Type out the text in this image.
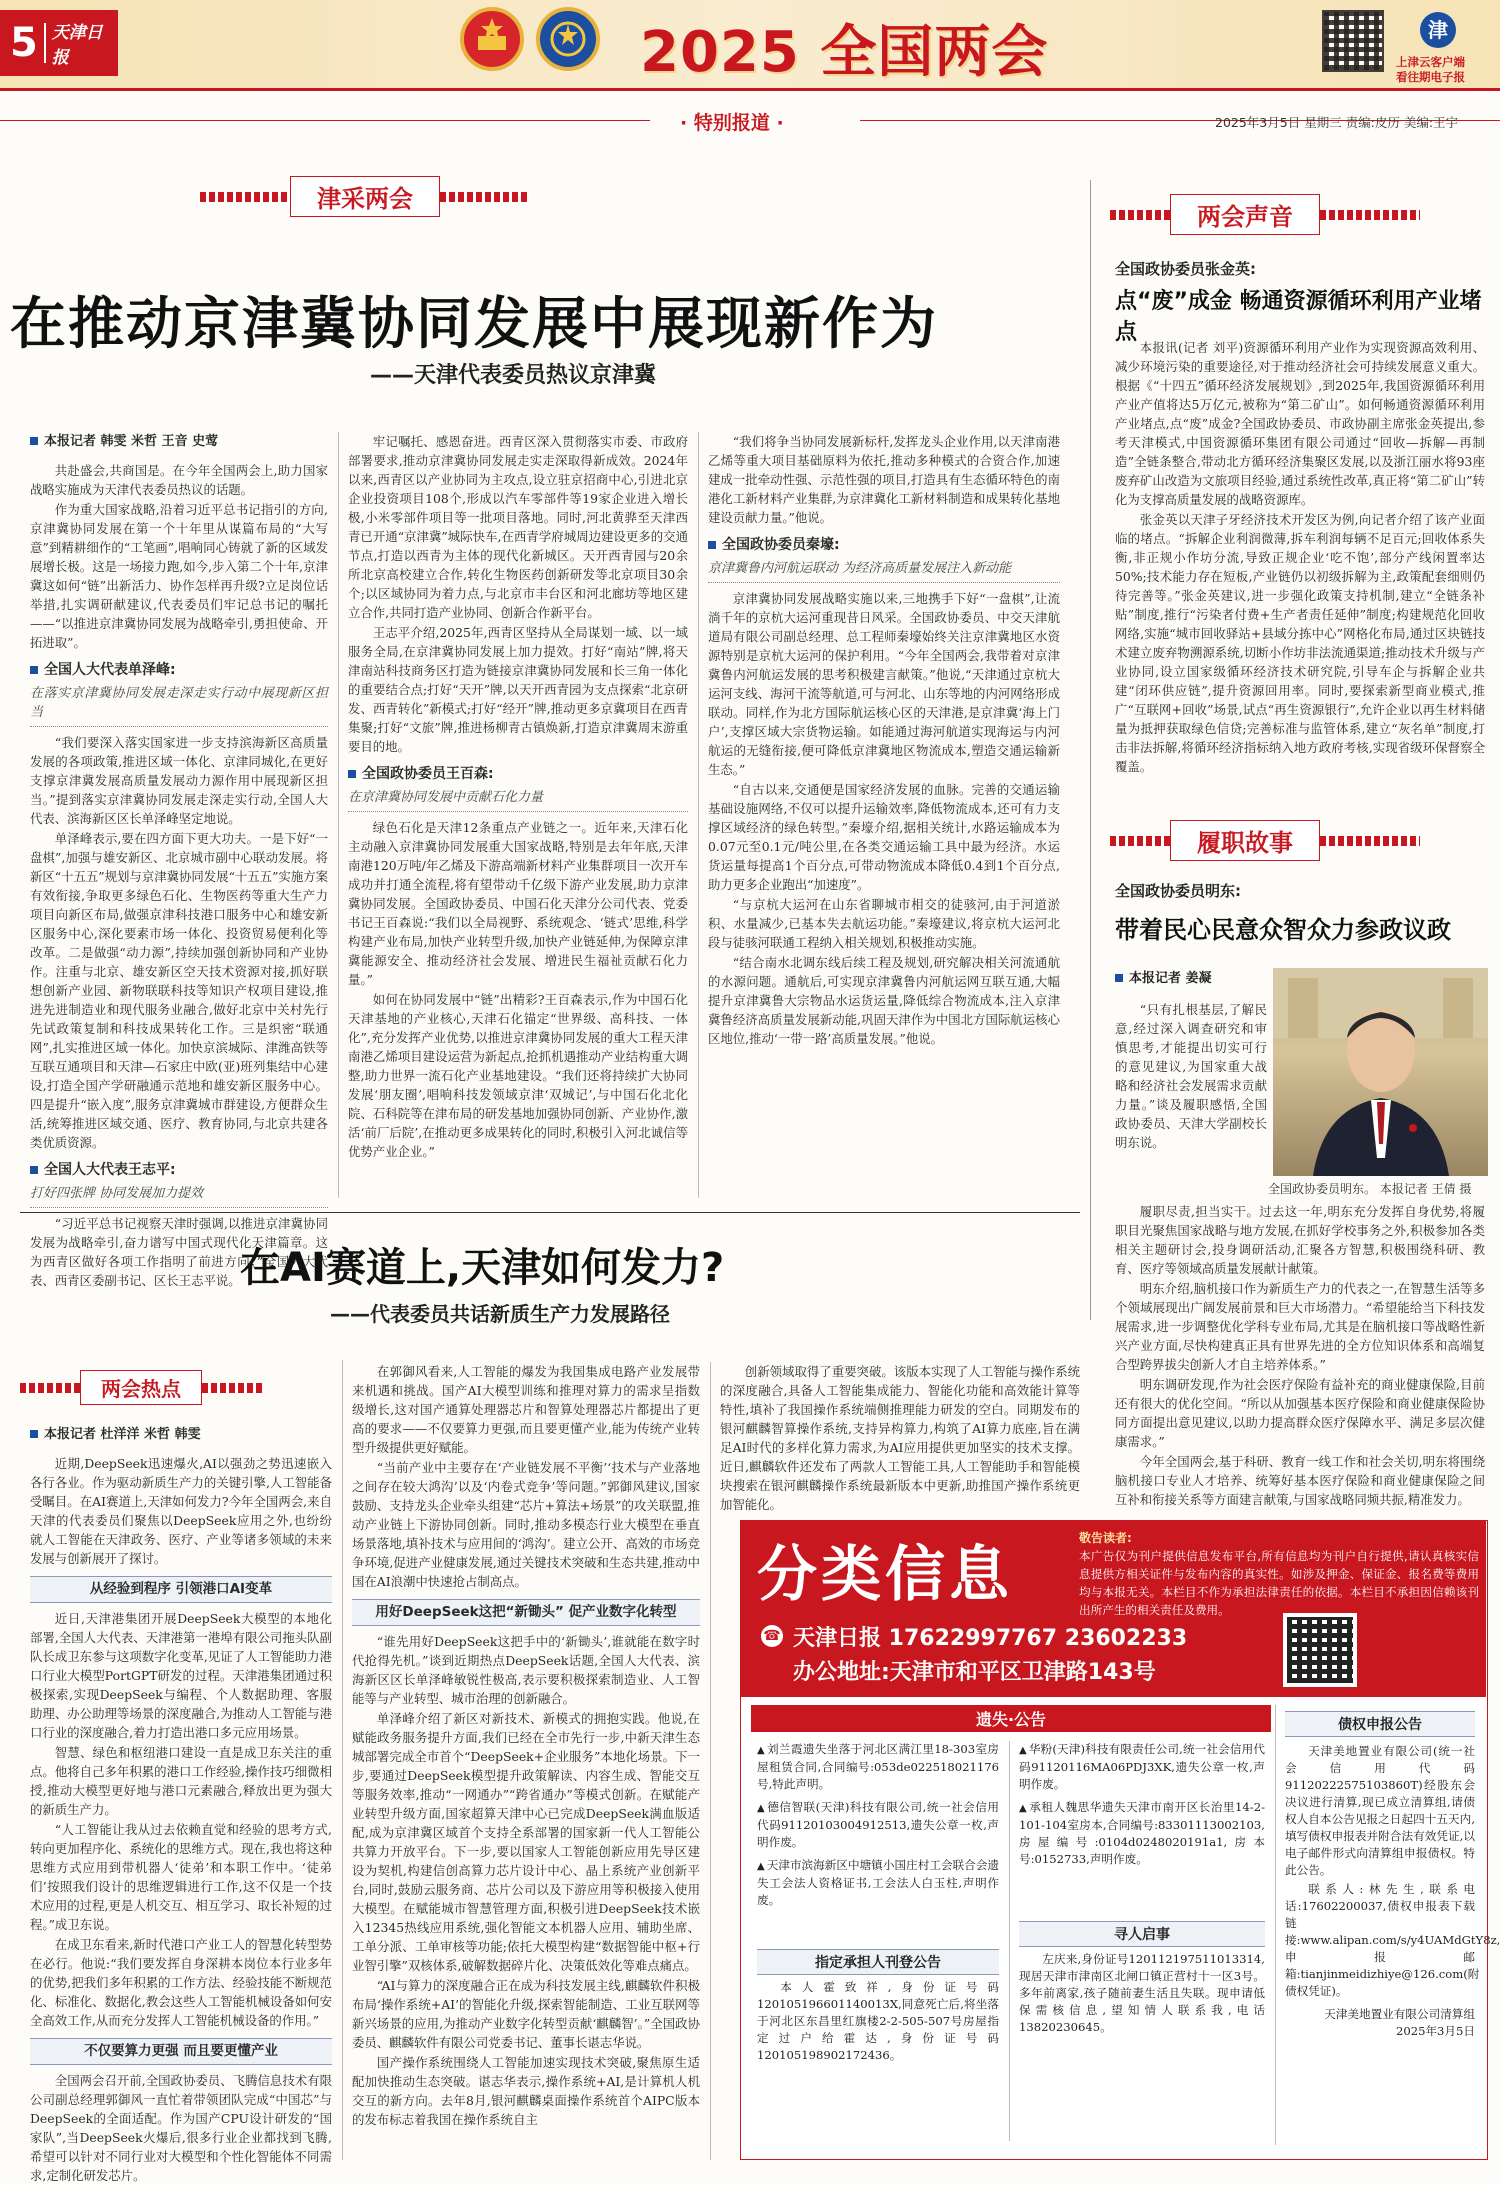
5 天津日报	2025 全国两会	津
上津云客户端
看往期电子报
· 特别报道 ·	2025年3月5日 星期三 责编:皮历 美编:王宇
津采两会
在推动京津冀协同发展中展现新作为
——天津代表委员热议京津冀
本报记者 韩雯 米哲 王音 史莺

共赴盛会,共商国是。在今年全国两会上,助力国家战略实施成为天津代表委员热议的话题。

作为重大国家战略,沿着习近平总书记指引的方向,京津冀协同发展在第一个十年里从谋篇布局的“大写意”到精耕细作的“工笔画”,唱响同心铸就了新的区域发展增长极。这是一场接力跑,如今,步入第二个十年,京津冀这如何“链”出新活力、协作怎样再升级?立足岗位话举措,扎实调研献建议,代表委员们牢记总书记的嘱托——“以推进京津冀协同发展为战略牵引,勇担使命、开拓进取”。

全国人大代表单泽峰:
在落实京津冀协同发展走深走实行动中展现新区担当

“我们要深入落实国家进一步支持滨海新区高质量发展的各项政策,推进区域一体化、京津同城化,在更好支撑京津冀发展高质量发展动力源作用中展现新区担当。”提到落实京津冀协同发展走深走实行动,全国人大代表、滨海新区区长单泽峰坚定地说。

单泽峰表示,要在四方面下更大功夫。一是下好“一盘棋”,加强与雄安新区、北京城市副中心联动发展。将新区“十五五”规划与京津冀协同发展“十五五”实施方案有效衔接,争取更多绿色石化、生物医药等重大生产力项目向新区布局,做强京津科技港口服务中心和雄安新区服务中心,深化要素市场一体化、投资贸易便利化等改革。二是做强“动力源”,持续加强创新协同和产业协作。注重与北京、雄安新区空天技术资源对接,抓好联想创新产业园、新物联联科技等知识产权项目建设,推进先进制造业和现代服务业融合,做好北京中关村先行先试政策复制和科技成果转化工作。三是织密“联通网”,扎实推进区域一体化。加快京滨城际、津潍高铁等互联互通项目和天津—石家庄中欧(亚)班列集结中心建设,打造全国产学研融通示范地和雄安新区服务中心。四是提升“嵌入度”,服务京津冀城市群建设,方便群众生活,统筹推进区域交通、医疗、教育协同,与北京共建各类优质资源。

全国人大代表王志平:
打好四张牌 协同发展加力提效

“习近平总书记视察天津时强调,以推进京津冀协同发展为战略牵引,奋力谱写中国式现代化天津篇章。这为西青区做好各项工作指明了前进方向。”全国人大代表、西青区委副书记、区长王志平说。

牢记嘱托、感恩奋进。西青区深入贯彻落实市委、市政府部署要求,推动京津冀协同发展走实走深取得新成效。2024年以来,西青区以产业协同为主攻点,设立驻京招商中心,引进北京企业投资项目108个,形成以汽车零部件等19家企业进入增长极,小米零部件项目等一批项目落地。同时,河北黄骅至天津西青已开通“京津冀”城际快车,在西青学府城周边建设更多的交通节点,打造以西青为主体的现代化新城区。天开西青园与20余所北京高校建立合作,转化生物医药创新研发等北京项目30余个;以区域协同为着力点,与北京市丰台区和河北廊坊等地区建立合作,共同打造产业协同、创新合作新平台。

王志平介绍,2025年,西青区坚持从全局谋划一域、以一域服务全局,在京津冀协同发展上加力提效。打好“南站”牌,将天津南站科技商务区打造为链接京津冀协同发展和长三角一体化的重要结合点;打好“天开”牌,以天开西青园为支点探索“北京研发、西青转化”新模式;打好“经开”牌,推动更多京冀项目在西青集聚;打好“文旅”牌,推进杨柳青古镇焕新,打造京津冀周末游重要目的地。

全国政协委员王百森:
在京津冀协同发展中贡献石化力量

绿色石化是天津12条重点产业链之一。近年来,天津石化主动融入京津冀协同发展重大国家战略,特别是去年年底,天津南港120万吨/年乙烯及下游高端新材料产业集群项目一次开车成功并打通全流程,将有望带动千亿级下游产业发展,助力京津冀协同发展。全国政协委员、中国石化天津分公司代表、党委书记王百森说:“我们以全局视野、系统观念、‘链式’思维,科学构建产业布局,加快产业转型升级,加快产业链延伸,为保障京津冀能源安全、推动经济社会发展、增进民生福祉贡献石化力量。”

如何在协同发展中“链”出精彩?王百森表示,作为中国石化天津基地的产业核心,天津石化锚定“世界级、高科技、一体化”,充分发挥产业优势,以推进京津冀协同发展的重大工程天津南港乙烯项目建设运营为新起点,抢抓机遇推动产业结构重大调整,助力世界一流石化产业基地建设。“我们还将持续扩大协同发展‘朋友圈’,唱响科技发领域京津‘双城记’,与中国石化北化院、石科院等在津布局的研发基地加强协同创新、产业协作,激活‘前厂后院’,在推动更多成果转化的同时,积极引入河北诚信等优势产业企业。”

“我们将争当协同发展新标杆,发挥龙头企业作用,以天津南港乙烯等重大项目基础原料为依托,推动多种模式的合资合作,加速建成一批牵动性强、示范性强的项目,打造具有生态循环特色的南港化工新材料产业集群,为京津冀化工新材料制造和成果转化基地建设贡献力量。”他说。

全国政协委员秦壕:
京津冀鲁内河航运联动 为经济高质量发展注入新动能

京津冀协同发展战略实施以来,三地携手下好“一盘棋”,让流淌千年的京杭大运河重现昔日风采。全国政协委员、中交天津航道局有限公司副总经理、总工程师秦壕始终关注京津冀地区水资源特别是京杭大运河的保护利用。“今年全国两会,我带着对京津冀鲁内河航运发展的思考积极建言献策。”他说,“天津通过京杭大运河支线、海河干流等航道,可与河北、山东等地的内河网络形成联动。同样,作为北方国际航运核心区的天津港,是京津冀‘海上门户’,支撑区域大宗货物运输。如能通过海河航道实现海运与内河航运的无缝衔接,便可降低京津冀地区物流成本,塑造交通运输新生态。”

“自古以来,交通便是国家经济发展的血脉。完善的交通运输基础设施网络,不仅可以提升运输效率,降低物流成本,还可有力支撑区域经济的绿色转型。”秦壕介绍,据相关统计,水路运输成本为0.07元至0.1元/吨公里,在各类交通运输工具中最为经济。水运货运量每提高1个百分点,可带动物流成本降低0.4到1个百分点,助力更多企业跑出“加速度”。

“与京杭大运河在山东省聊城市相交的徒骇河,由于河道淤积、水量减少,已基本失去航运功能。”秦壕建议,将京杭大运河北段与徒骇河联通工程纳入相关规划,积极推动实施。

“结合南水北调东线后续工程及规划,研究解决相关河流通航的水源问题。通航后,可实现京津冀鲁内河航运网互联互通,大幅提升京津冀鲁大宗物品水运货运量,降低综合物流成本,注入京津冀鲁经济高质量发展新动能,巩固天津作为中国北方国际航运核心区地位,推动‘一带一路’高质量发展。”他说。

两会声音
全国政协委员张金英:
点“废”成金 畅通资源循环利用产业堵点

本报讯(记者 刘平)资源循环利用产业作为实现资源高效利用、减少环境污染的重要途径,对于推动经济社会可持续发展意义重大。根据《“十四五”循环经济发展规划》,到2025年,我国资源循环利用产业产值将达5万亿元,被称为“第二矿山”。如何畅通资源循环利用产业堵点,点“废”成金?全国政协委员、市政协副主席张金英提出,参考天津模式,中国资源循环集团有限公司通过“回收—拆解—再制造”全链条整合,带动北方循环经济集聚区发展,以及浙江丽水将93座废弃矿山改造为文旅项目经验,通过系统性改革,真正将“第二矿山”转化为支撑高质量发展的战略资源库。

张金英以天津子牙经济技术开发区为例,向记者介绍了该产业面临的堵点。“拆解企业利润微薄,拆车利润每辆不足百元;回收体系失衡,非正规小作坊分流,导致正规企业‘吃不饱’,部分产线闲置率达50%;技术能力存在短板,产业链仍以初级拆解为主,政策配套细则仍待完善等。”张金英建议,进一步强化政策支持机制,建立“全链条补贴”制度,推行“污染者付费+生产者责任延伸”制度;构建规范化回收网络,实施“城市回收驿站+县域分拣中心”网格化布局,通过区块链技术建立废弃物溯源系统,切断小作坊非法流通渠道;推动技术升级与产业协同,设立国家级循环经济技术研究院,引导车企与拆解企业共建“闭环供应链”,提升资源回用率。同时,要探索新型商业模式,推广“互联网+回收”场景,试点“再生资源银行”,允许企业以再生材料储量为抵押获取绿色信贷;完善标准与监管体系,建立“灰名单”制度,打击非法拆解,将循环经济指标纳入地方政府考核,实现省级环保督察全覆盖。

履职故事
全国政协委员明东:
带着民心民意众智众力参政议政
本报记者 姜凝
“只有扎根基层,了解民意,经过深入调查研究和审慎思考,才能提出切实可行的意见建议,为国家重大战略和经济社会发展需求贡献力量。”谈及履职感悟,全国政协委员、天津大学副校长明东说。
全国政协委员明东。 本报记者 王倩 摄

履职尽责,担当实干。过去这一年,明东充分发挥自身优势,将履职目光聚焦国家战略与地方发展,在抓好学校事务之外,积极参加各类相关主题研讨会,投身调研活动,汇聚各方智慧,积极围绕科研、教育、医疗等领域高质量发展献计献策。

明东介绍,脑机接口作为新质生产力的代表之一,在智慧生活等多个领域展现出广阔发展前景和巨大市场潜力。“希望能给当下科技发展需求,进一步调整优化学科专业布局,尤其是在脑机接口等战略性新兴产业方面,尽快构建真正具有世界先进的全方位知识体系和高端复合型跨界拔尖创新人才自主培养体系。”

明东调研发现,作为社会医疗保险有益补充的商业健康保险,目前还有很大的优化空间。“所以从加强基本医疗保险和商业健康保险协同方面提出意见建议,以助力提高群众医疗保障水平、满足多层次健康需求。”

今年全国两会,基于科研、教育一线工作和社会关切,明东将围绕脑机接口专业人才培养、统筹好基本医疗保险和商业健康保险之间互补和衔接关系等方面建言献策,与国家战略同频共振,精准发力。

在AI赛道上,天津如何发力?
——代表委员共话新质生产力发展路径
两会热点
本报记者 杜洋洋 米哲 韩雯

近期,DeepSeek迅速爆火,AI以强劲之势迅速嵌入各行各业。作为驱动新质生产力的关键引擎,人工智能备受瞩目。在AI赛道上,天津如何发力?今年全国两会,来自天津的代表委员们聚焦以DeepSeek应用之外,也纷纷就人工智能在天津政务、医疗、产业等诸多领域的未来发展与创新展开了探讨。

从经验到程序 引领港口AI变革

近日,天津港集团开展DeepSeek大模型的本地化部署,全国人大代表、天津港第一港埠有限公司拖头队副队长成卫东参与这项数字化变革,见证了人工智能助力港口行业大模型PortGPT研发的过程。天津港集团通过积极探索,实现DeepSeek与编程、个人数据助理、客服助理、办公助理等场景的深度融合,为推动人工智能与港口行业的深度融合,着力打造出港口多元应用场景。

智慧、绿色和枢纽港口建设一直是成卫东关注的重点。他将自己多年积累的港口工作经验,操作技巧细微相授,推动大模型更好地与港口元素融合,释放出更为强大的新质生产力。

“人工智能让我从过去依赖直觉和经验的思考方式,转向更加程序化、系统化的思维方式。现在,我也将这种思维方式应用到带机器人‘徒弟’和本职工作中。‘徒弟们’按照我们设计的思维逻辑进行工作,这不仅是一个技术应用的过程,更是人机交互、相互学习、取长补短的过程。”成卫东说。

在成卫东看来,新时代港口产业工人的智慧化转型势在必行。他说:“我们要发挥自身深耕本岗位本行业多年的优势,把我们多年积累的工作方法、经验技能不断规范化、标准化、数据化,教会这些人工智能机械设备如何安全高效工作,从而充分发挥人工智能机械设备的作用。”

不仅要算力更强 而且要更懂产业

全国两会召开前,全国政协委员、飞腾信息技术有限公司副总经理郭御风一直忙着带领团队完成“中国芯”与DeepSeek的全面适配。作为国产CPU设计研发的“国家队”,当DeepSeek火爆后,很多行业企业都找到飞腾,希望可以针对不同行业对大模型和个性化智能体不同需求,定制化研发芯片。

在郭御风看来,人工智能的爆发为我国集成电路产业发展带来机遇和挑战。国产AI大模型训练和推理对算力的需求呈指数级增长,这对国产通算处理器芯片和智算处理器芯片都提出了更高的要求——不仅要算力更强,而且要更懂产业,能为传统产业转型升级提供更好赋能。

“当前产业中主要存在‘产业链发展不平衡’‘技术与产业落地之间存在较大鸿沟’以及‘内卷式竞争’等问题。”郭御风建议,国家鼓励、支持龙头企业牵头组建“芯片+算法+场景”的攻关联盟,推动产业链上下游协同创新。同时,推动多模态行业大模型在垂直场景落地,填补技术与应用间的‘鸿沟’。建立公开、高效的市场竞争环境,促进产业健康发展,通过关键技术突破和生态共建,推动中国在AI浪潮中快速抢占制高点。

用好DeepSeek这把“新锄头” 促产业数字化转型

“谁先用好DeepSeek这把手中的‘新锄头’,谁就能在数字时代抢得先机。”谈到近期热点DeepSeek话题,全国人大代表、滨海新区区长单泽峰敏锐性极高,表示要积极探索制造业、人工智能等与产业转型、城市治理的创新融合。

单泽峰介绍了新区对新技术、新模式的拥抱实践。他说,在赋能政务服务提升方面,我们已经在全市先行一步,中新天津生态城部署完成全市首个“DeepSeek+企业服务”本地化场景。下一步,要通过DeepSeek模型提升政策解读、内容生成、智能交互等服务效率,推动“一网通办”“跨省通办”等模式创新。在赋能产业转型升级方面,国家超算天津中心已完成DeepSeek满血版适配,成为京津冀区域首个支持全系部署的国家新一代人工智能公共算力开放平台。下一步,要以国家人工智能创新应用先导区建设为契机,构建信创高算力芯片设计中心、晶上系统产业创新平台,同时,鼓励云服务商、芯片公司以及下游应用等积极接入使用大模型。在赋能城市智慧管理方面,积极引进DeepSeek技术嵌入12345热线应用系统,强化智能文本机器人应用、辅助坐席、工单分派、工单审核等功能;依托大模型构建“数据智能中枢+行业智引擎”双核体系,破解数据碎片化、决策低效化等难点痛点。

“AI与算力的深度融合正在成为科技发展主线,麒麟软件积极布局‘操作系统+AI’的智能化升级,探索智能制造、工业互联网等新兴场景的应用,为推动产业数字化转型贡献‘麒麟智’。”全国政协委员、麒麟软件有限公司党委书记、董事长谌志华说。

国产操作系统围绕人工智能加速实现技术突破,聚焦原生适配加快推动生态突破。谌志华表示,操作系统+AI,是计算机人机交互的新方向。去年8月,银河麒麟桌面操作系统首个AIPC版本的发布标志着我国在操作系统自主

创新领域取得了重要突破。该版本实现了人工智能与操作系统的深度融合,具备人工智能集成能力、智能化功能和高效能计算等特性,填补了我国操作系统端侧推理能力研发的空白。同期发布的银河麒麟智算操作系统,支持异构算力,构筑了AI算力底座,旨在满足AI时代的多样化算力需求,为AI应用提供更加坚实的技术支撑。近日,麒麟软件还发布了两款人工智能工具,人工智能助手和智能模块搜索在银河麒麟操作系统最新版本中更新,助推国产操作系统更加智能化。

分类信息
敬告读者:
本广告仅为刊户提供信息发布平台,所有信息均为刊户自行提供,请认真核实信息提供方相关证件与发布内容的真实性。如涉及押金、保证金、报名费等费用均与本报无关。本栏目不作为承担法律责任的依据。本栏目不承担因信赖该刊出所产生的相关责任及费用。
☎ 天津日报 17622997767 23602233
办公地址:天津市和平区卫津路143号
遗失·公告

▲ 刘兰霞遗失坐落于河北区满江里18-303室房屋租赁合同,合同编号:053de022518021176号,特此声明。

▲ 德信智联(天津)科技有限公司,统一社会信用代码91120103004912513,遗失公章一枚,声明作废。

▲ 天津市滨海新区中塘镇小国庄村工会联合会遗失工会法人资格证书,工会法人白玉柱,声明作废。

▲ 华粉(天津)科技有限责任公司,统一社会信用代码91120116MA06PDJ3XK,遗失公章一枚,声明作废。

▲ 承租人魏思华遗失天津市南开区长治里14-2-101-104室房本,合同编号:83301113002103,房屋编号:0104d0248020191a1,房本号:0152733,声明作废。

指定承担人刊登公告
本人霍致祥,身份证号码120105196601140013X,同意死亡后,将坐落于河北区东昌里红旗楼2-2-505-507号房屋指定过户给霍达,身份证号码120105198902172436。
寻人启事
左庆来,身份证号120112197511013314,现居天津市津南区北闸口镇正营村十一区3号。多年前离家,孩子随前妻生活且失联。现申请低保需核信息,望知情人联系我,电话13820230645。
债权申报公告

天津美地置业有限公司(统一社会信用代码91120222575103860T)经股东会决议进行清算,现已成立清算组,请债权人自本公告见报之日起四十五天内,填写债权申报表并附合法有效凭证,以电子邮件形式向清算组申报债权。特此公告。

联系人:林先生,联系电话:17602200037,债权申报表下载链接:www.alipan.com/s/y4UAMdGtY8z,申报邮箱:tianjinmeidizhiye@126.com(附债权凭证)。

天津美地置业有限公司清算组

2025年3月5日
